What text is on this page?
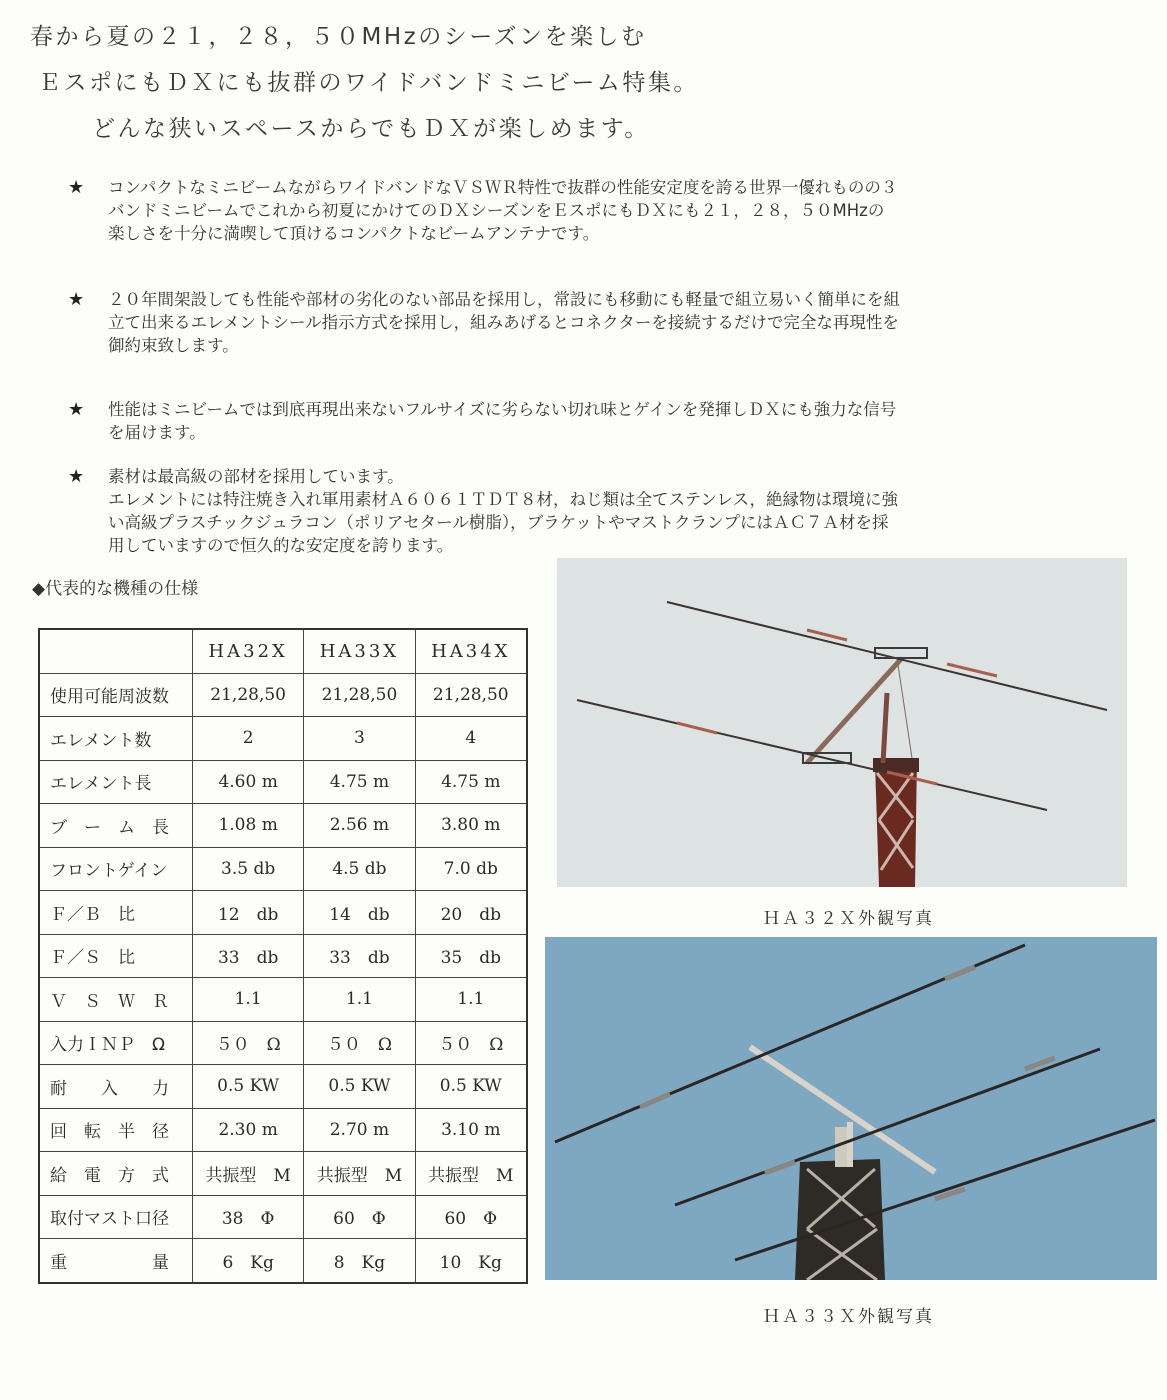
春から夏の２１，２８，５０MHzのシーズンを楽しむ
ＥスポにもＤＸにも抜群のワイドバンドミニビーム特集。
どんな狭いスペースからでもＤＸが楽しめます。
★ コンパクトなミニビームながらワイドバンドなＶＳＷＲ特性で抜群の性能安定度を誇る世界一優れものの３

バンドミニビームでこれから初夏にかけてのＤＸシーズンをＥスポにもＤＸにも２１，２８，５０MHzの

楽しさを十分に満喫して頂けるコンパクトなビームアンテナです。

★ ２０年間架設しても性能や部材の劣化のない部品を採用し，常設にも移動にも軽量で組立易いく簡単にを組

立て出来るエレメントシール指示方式を採用し，組みあげるとコネクターを接続するだけで完全な再現性を

御約束致します。

★ 性能はミニビームでは到底再現出来ないフルサイズに劣らない切れ味とゲインを発揮しＤＸにも強力な信号

を届けます。

★ 素材は最高級の部材を採用しています。

エレメントには特注焼き入れ軍用素材Ａ６０６１ＴＤＴ８材，ねじ類は全てステンレス，絶縁物は環境に強

い高級プラスチックジュラコン（ポリアセタール樹脂），ブラケットやマストクランプにはＡＣ７Ａ材を採

用していますので恒久的な安定度を誇ります。

◆代表的な機種の仕様
	HA32X	HA33X	HA34X
使用可能周波数	21,28,50	21,28,50	21,28,50
エレメント数	2	3	4
エレメント長	4.60 m	4.75 m	4.75 m
ブ　ー　ム　長	1.08 m	2.56 m	3.80 m
フロントゲイン	3.5 db	4.5 db	7.0 db
Ｆ／Ｂ　比	12　db	14　db	20　db
Ｆ／Ｓ　比	33　db	33　db	35　db
Ｖ　Ｓ　Ｗ　Ｒ	1.1	1.1	1.1
入力ＩＮＰ　Ω	５０　Ω	５０　Ω	５０　Ω
耐　　入　　力	0.5 KW	0.5 KW	0.5 KW
回　転　半　径	2.30 m	2.70 m	3.10 m
給　電　方　式	共振型　M	共振型　M	共振型　M
取付マスト口径	38　Φ	60　Φ	60　Φ
重　　　　　量	6　Kg	8　Kg	10　Kg
ＨＡ３２Ｘ外観写真
ＨＡ３３Ｘ外観写真
